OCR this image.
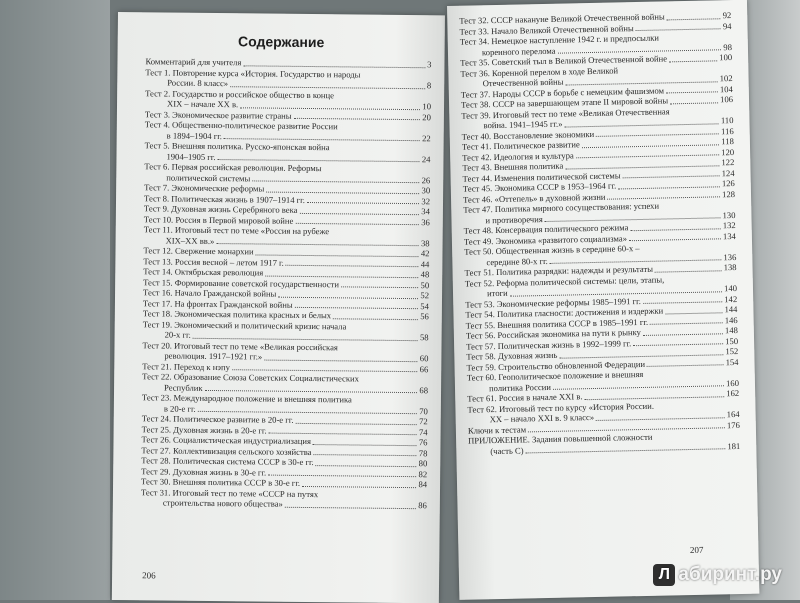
Содержание
Комментарий для учителя	3
Тест 1. Повторение курса «История. Государство и народы
России. 8 класс»	8
Тест 2. Государство и российское общество в конце
XIX – начале XX в.	10
Тест 3. Экономическое развитие страны	20
Тест 4. Общественно-политическое развитие России
в 1894–1904 гг.	22
Тест 5. Внешняя политика. Русско-японская война
1904–1905 гг.	24
Тест 6. Первая российская революция. Реформы
политической системы	26
Тест 7. Экономические реформы	30
Тест 8. Политическая жизнь в 1907–1914 гг.	32
Тест 9. Духовная жизнь Серебряного века	34
Тест 10. Россия в Первой мировой войне	36
Тест 11. Итоговый тест по теме «Россия на рубеже
XIX–XX вв.»	38
Тест 12. Свержение монархии	42
Тест 13. Россия весной – летом 1917 г.	44
Тест 14. Октябрьская революция	48
Тест 15. Формирование советской государственности	50
Тест 16. Начало Гражданской войны	52
Тест 17. На фронтах Гражданской войны	54
Тест 18. Экономическая политика красных и белых	56
Тест 19. Экономический и политический кризис начала
20-х гг.	58
Тест 20. Итоговый тест по теме «Великая российская
революция. 1917–1921 гг.»	60
Тест 21. Переход к нэпу	66
Тест 22. Образование Союза Советских Социалистических
Республик	68
Тест 23. Международное положение и внешняя политика
в 20-е гг.	70
Тест 24. Политическое развитие в 20-е гг.	72
Тест 25. Духовная жизнь в 20-е гг.	74
Тест 26. Социалистическая индустриализация	76
Тест 27. Коллективизация сельского хозяйства	78
Тест 28. Политическая система СССР в 30-е гг.	80
Тест 29. Духовная жизнь в 30-е гг.	82
Тест 30. Внешняя политика СССР в 30-е гг.	84
Тест 31. Итоговый тест по теме «СССР на путях
строительства нового общества»	86
206
Тест 32. СССР накануне Великой Отечественной войны	92
Тест 33. Начало Великой Отечественной войны	94
Тест 34. Немецкое наступление 1942 г. и предпосылки
коренного перелома	98
Тест 35. Советский тыл в Великой Отечественной войне	100
Тест 36. Коренной перелом в ходе Великой
Отечественной войны	102
Тест 37. Народы СССР в борьбе с немецким фашизмом	104
Тест 38. СССР на завершающем этапе II мировой войны	106
Тест 39. Итоговый тест по теме «Великая Отечественная
война. 1941–1945 гг.»	110
Тест 40. Восстановление экономики	116
Тест 41. Политическое развитие	118
Тест 42. Идеология и культура	120
Тест 43. Внешняя политика	122
Тест 44. Изменения политической системы	124
Тест 45. Экономика СССР в 1953–1964 гг.	126
Тест 46. «Оттепель» в духовной жизни	128
Тест 47. Политика мирного сосуществования: успехи
и противоречия	130
Тест 48. Консервация политического режима	132
Тест 49. Экономика «развитого социализма»	134
Тест 50. Общественная жизнь в середине 60-х –
середине 80-х гг.	136
Тест 51. Политика разрядки: надежды и результаты	138
Тест 52. Реформа политической системы: цели, этапы,
итоги	140
Тест 53. Экономические реформы 1985–1991 гг.	142
Тест 54. Политика гласности: достижения и издержки	144
Тест 55. Внешняя политика СССР в 1985–1991 гг.	146
Тест 56. Российская экономика на пути к рынку	148
Тест 57. Политическая жизнь в 1992–1999 гг.	150
Тест 58. Духовная жизнь	152
Тест 59. Строительство обновленной Федерации	154
Тест 60. Геополитическое положение и внешняя
политика России	160
Тест 61. Россия в начале XXI в.	162
Тест 62. Итоговый тест по курсу «История России.
XX – начало XXI в. 9 класс»	164
Ключи к тестам	176
ПРИЛОЖЕНИЕ. Задания повышенной сложности
(часть С)	181
207
Л абиринт.ру
